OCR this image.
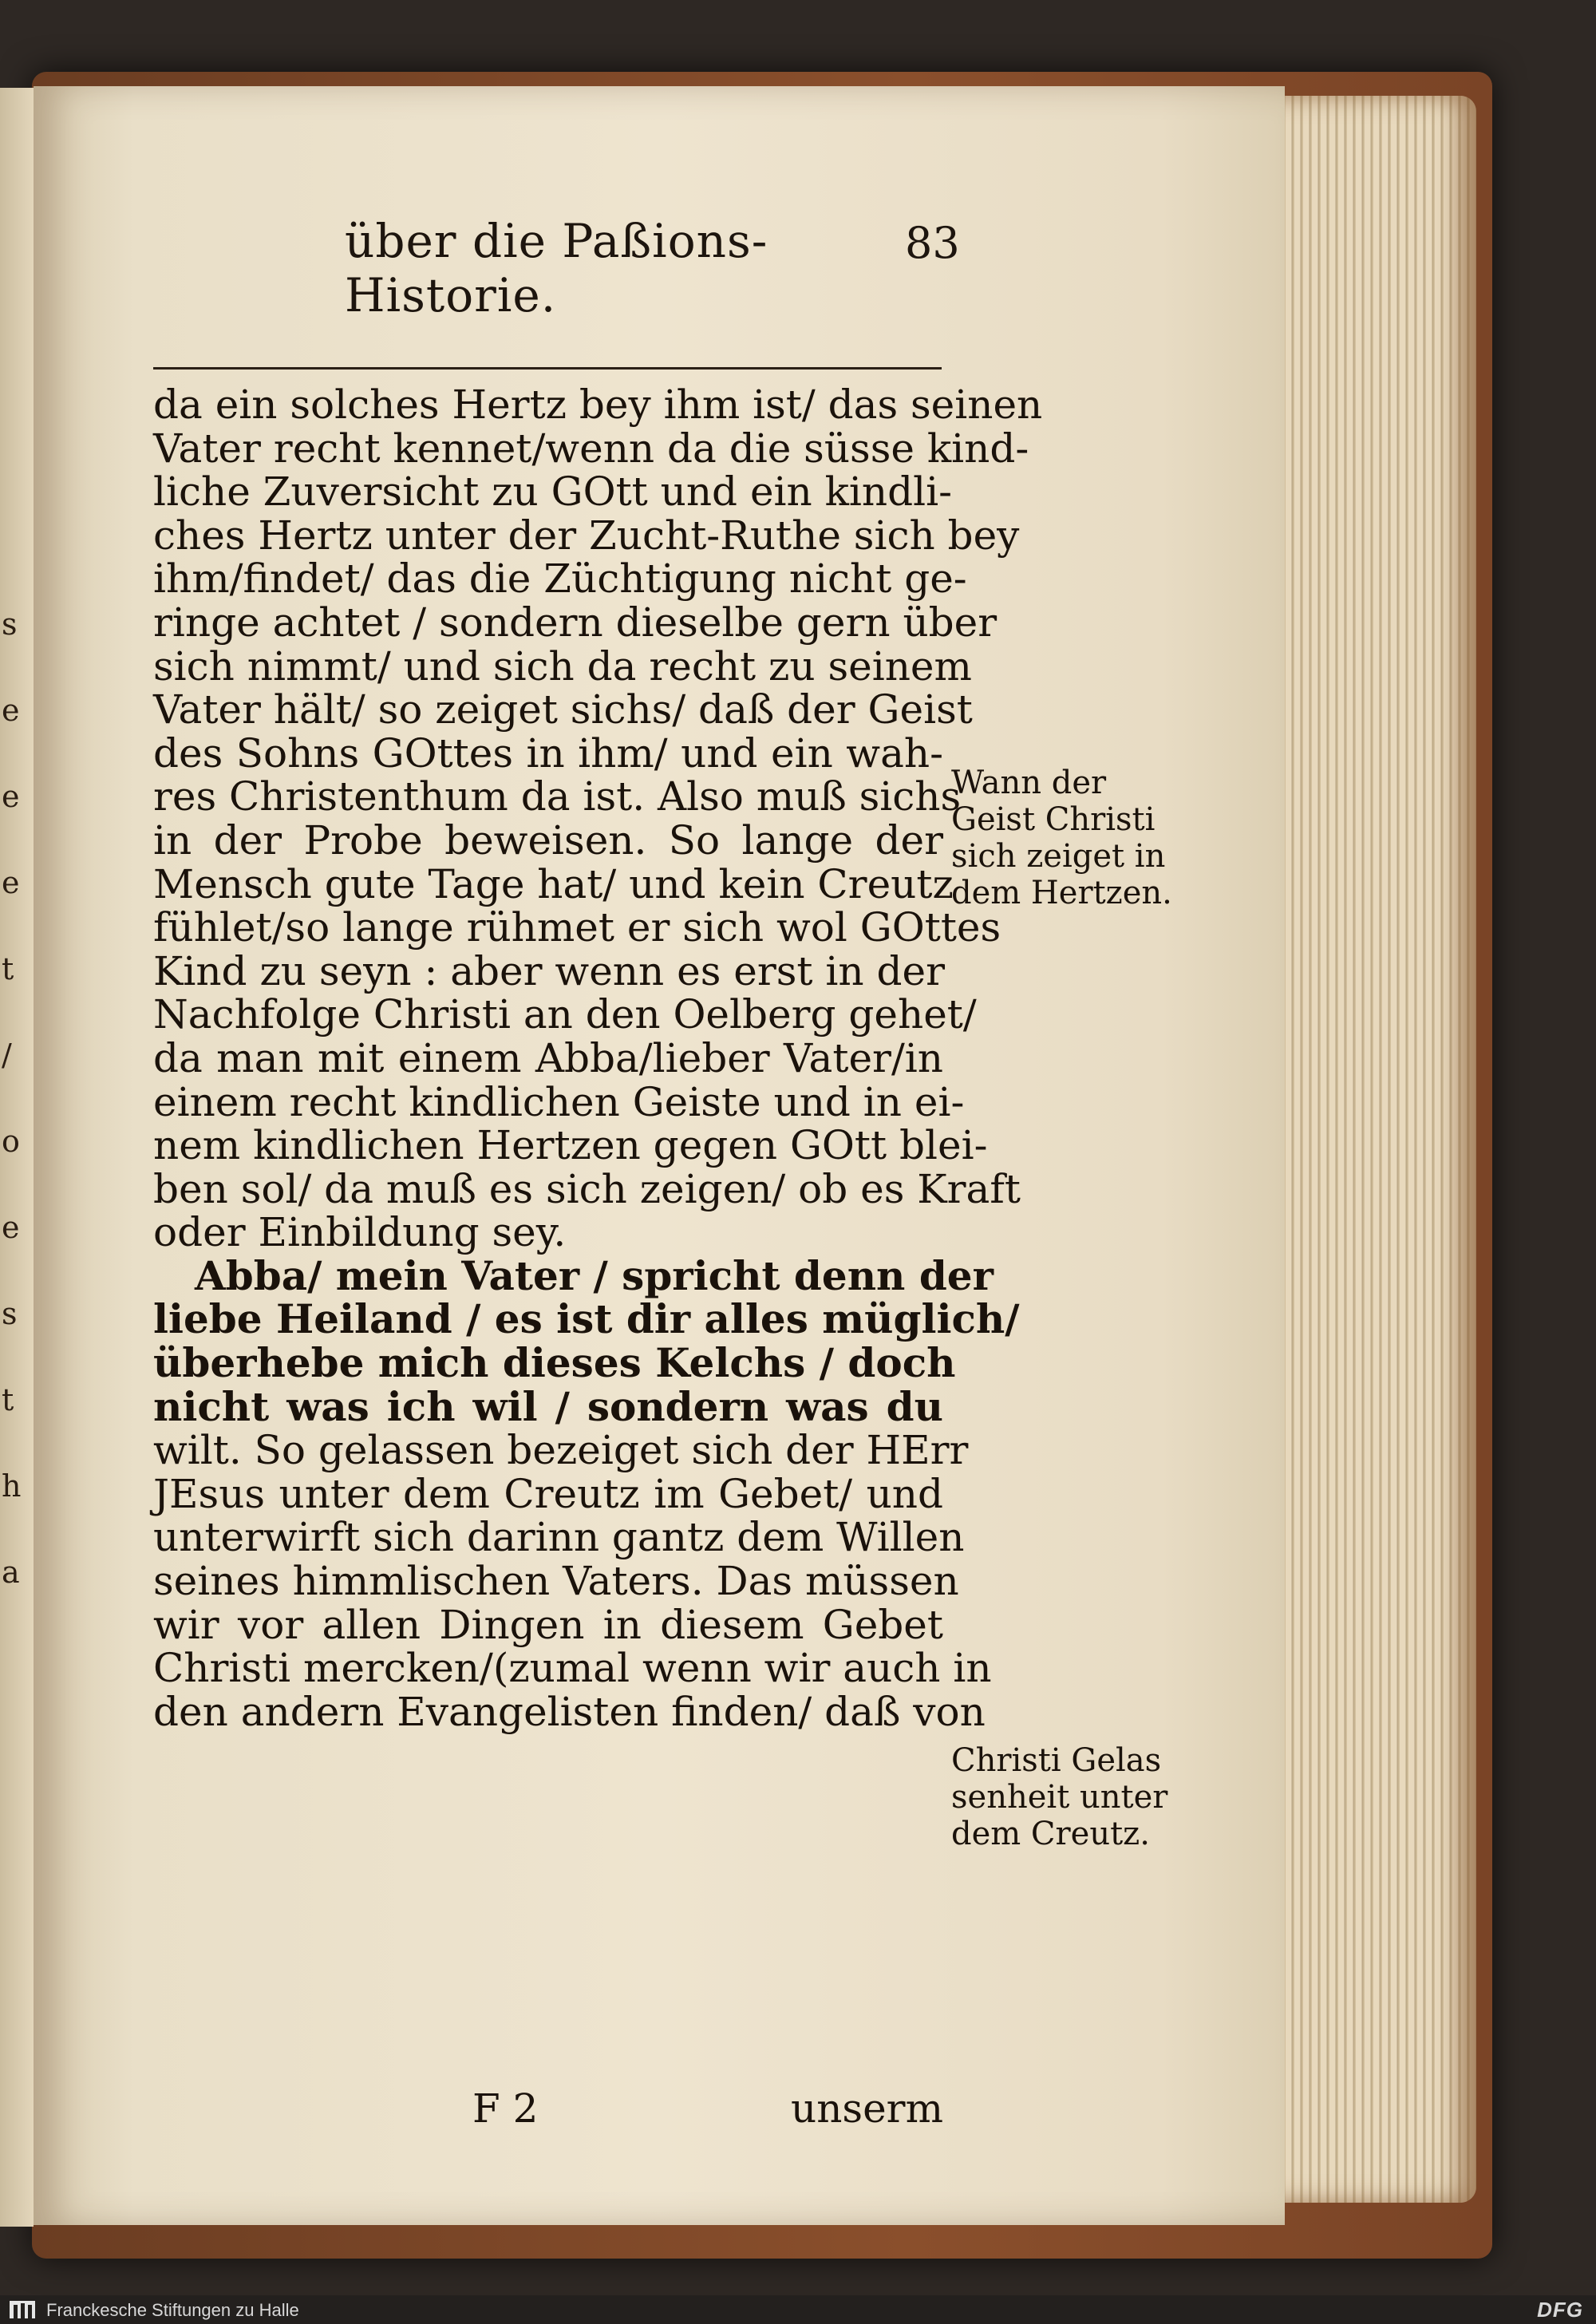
s
e
e
e
t
/
o
e
s
t
h
a
über die Paßions-Historie.
83
da ein solches Hertz bey ihm ist/ das seinen
Vater recht kennet/wenn da die süsse kind-
liche Zuversicht zu GOtt und ein kindli-
ches Hertz unter der Zucht-Ruthe sich bey
ihm/findet/ das die Züchtigung nicht ge-
ringe achtet / sondern dieselbe gern über
sich nimmt/ und sich da recht zu seinem
Vater hält/ so zeiget sichs/ daß der Geist
des Sohns GOttes in ihm/ und ein wah-
res Christenthum da ist. Also muß sichs
in der Probe beweisen. So lange der
Mensch gute Tage hat/ und kein Creutz
fühlet/so lange rühmet er sich wol GOttes
Kind zu seyn : aber wenn es erst in der
Nachfolge Christi an den Oelberg gehet/
da man mit einem Abba/lieber Vater/in
einem recht kindlichen Geiste und in ei-
nem kindlichen Hertzen gegen GOtt blei-
ben sol/ da muß es sich zeigen/ ob es Kraft
oder Einbildung sey.
Abba/ mein Vater / spricht denn der
liebe Heiland / es ist dir alles müglich/
überhebe mich dieses Kelchs / doch
nicht was ich wil / sondern was du
wilt. So gelassen bezeiget sich der HErr
JEsus unter dem Creutz im Gebet/ und
unterwirft sich darinn gantz dem Willen
seines himmlischen Vaters. Das müssen
wir vor allen Dingen in diesem Gebet
Christi mercken/(zumal wenn wir auch in
den andern Evangelisten finden/ daß von
F 2	unserm
Wann der
Geist Christi
sich zeiget in
dem Hertzen.
Christi Gelas
senheit unter
dem Creutz.
Franckesche Stiftungen zu Halle	DFG
